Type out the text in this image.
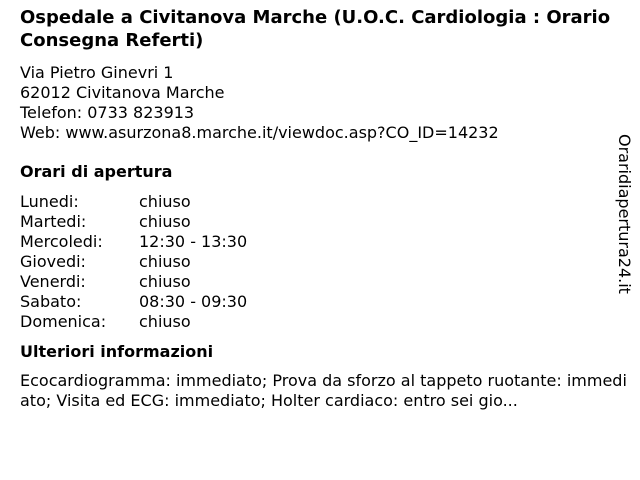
Ospedale a Civitanova Marche (U.O.C. Cardiologia : Orario Consegna Referti)
Via Pietro Ginevri 1
62012 Civitanova Marche
Telefon: 0733 823913
Web: www.asurzona8.marche.it/viewdoc.asp?CO_ID=14232
Orari di apertura
Lunedi:	chiuso
Martedi:	chiuso
Mercoledi:	12:30 - 13:30
Giovedi:	chiuso
Venerdi:	chiuso
Sabato:	08:30 - 09:30
Domenica:	chiuso
Ulteriori informazioni
Ecocardiogramma: immediato; Prova da sforzo al tappeto ruotante: immediato; Visita ed ECG: immediato; Holter cardiaco: entro sei gio...
Oraridiapertura24.it
